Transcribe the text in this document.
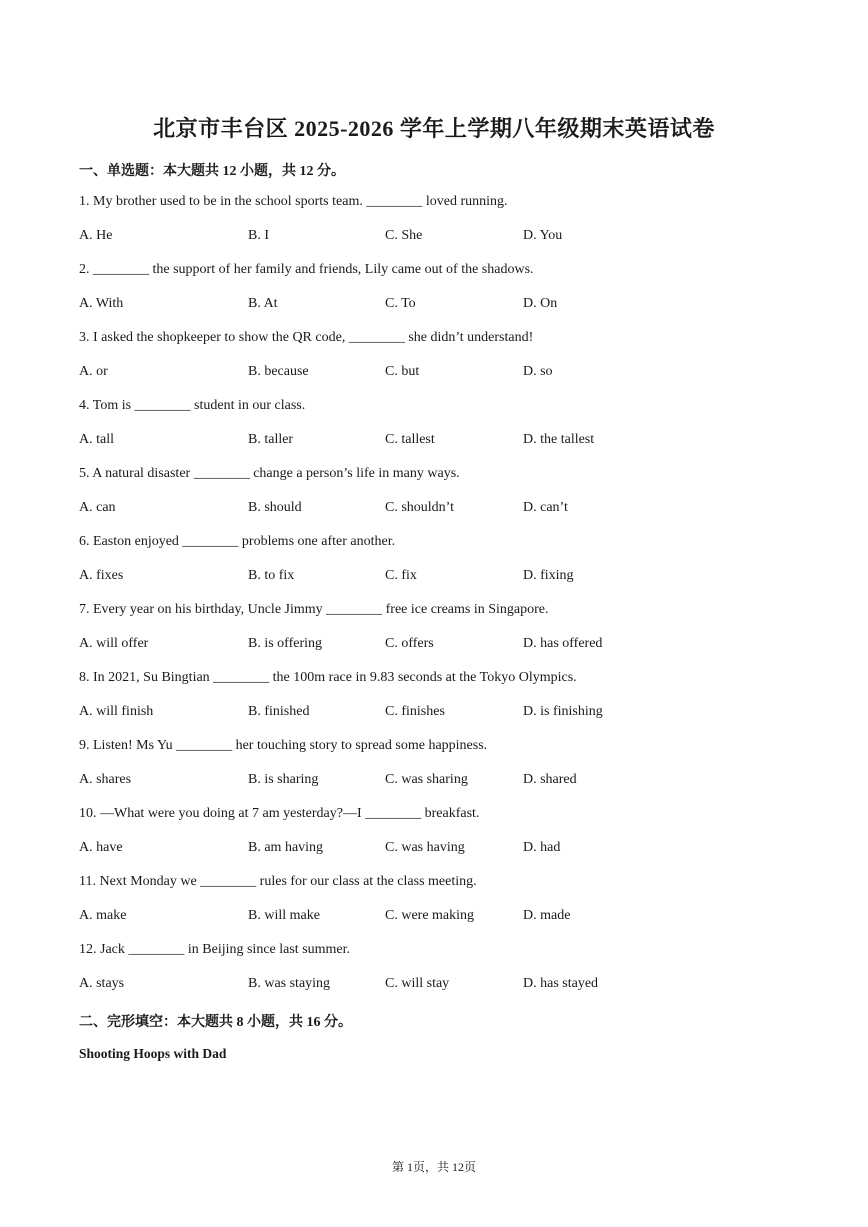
北京市丰台区 2025-2026 学年上学期八年级期末英语试卷
一、单选题：本大题共 12 小题，共 12 分。
1. My brother used to be in the school sports team. ________ loved running.
A. He	B. I	C. She	D. You
2. ________ the support of her family and friends, Lily came out of the shadows.
A. With	B. At	C. To	D. On
3. I asked the shopkeeper to show the QR code, ________ she didn’t understand!
A. or	B. because	C. but	D. so
4. Tom is ________ student in our class.
A. tall	B. taller	C. tallest	D. the tallest
5. A natural disaster ________ change a person’s life in many ways.
A. can	B. should	C. shouldn’t	D. can’t
6. Easton enjoyed ________ problems one after another.
A. fixes	B. to fix	C. fix	D. fixing
7. Every year on his birthday, Uncle Jimmy ________ free ice creams in Singapore.
A. will offer	B. is offering	C. offers	D. has offered
8. In 2021, Su Bingtian ________ the 100m race in 9.83 seconds at the Tokyo Olympics.
A. will finish	B. finished	C. finishes	D. is finishing
9. Listen! Ms Yu ________ her touching story to spread some happiness.
A. shares	B. is sharing	C. was sharing	D. shared
10. —What were you doing at 7 am yesterday?—I ________ breakfast.
A. have	B. am having	C. was having	D. had
11. Next Monday we ________ rules for our class at the class meeting.
A. make	B. will make	C. were making	D. made
12. Jack ________ in Beijing since last summer.
A. stays	B. was staying	C. will stay	D. has stayed
二、完形填空：本大题共 8 小题，共 16 分。
Shooting Hoops with Dad
第 1页，共 12页
